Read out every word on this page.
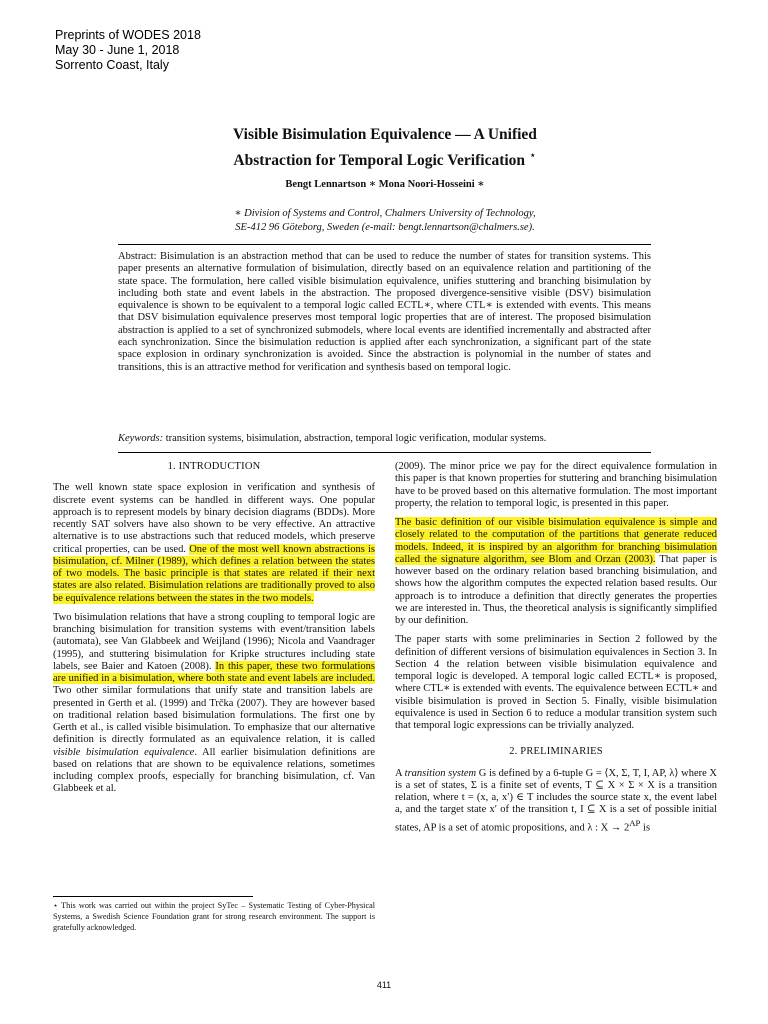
Preprints of WODES 2018
May 30 - June 1, 2018
Sorrento Coast, Italy
Visible Bisimulation Equivalence — A Unified
Abstraction for Temporal Logic Verification ⋆
Bengt Lennartson ∗ Mona Noori-Hosseini ∗
∗ Division of Systems and Control, Chalmers University of Technology,
SE-412 96 Göteborg, Sweden (e-mail: bengt.lennartson@chalmers.se).
Abstract: Bisimulation is an abstraction method that can be used to reduce the number of states for transition systems. This paper presents an alternative formulation of bisimulation, directly based on an equivalence relation and partitioning of the state space. The formulation, here called visible bisimulation equivalence, unifies stuttering and branching bisimulation by including both state and event labels in the abstraction. The proposed divergence-sensitive visible (DSV) bisimulation equivalence is shown to be equivalent to a temporal logic called ECTL∗, where CTL∗ is extended with events. This means that DSV bisimulation equivalence preserves most temporal logic properties that are of interest. The proposed bisimulation abstraction is applied to a set of synchronized submodels, where local events are identified incrementally and abstracted after each synchronization. Since the bisimulation reduction is applied after each synchronization, a significant part of the state space explosion in ordinary synchronization is avoided. Since the abstraction is polynomial in the number of states and transitions, this is an attractive method for verification and synthesis based on temporal logic.
Keywords: transition systems, bisimulation, abstraction, temporal logic verification, modular systems.
1. INTRODUCTION

The well known state space explosion in verification and synthesis of discrete event systems can be handled in different ways. One popular approach is to represent models by binary decision diagrams (BDDs). More recently SAT solvers have also shown to be very effective. An attractive alternative is to use abstractions such that reduced models, which preserve critical properties, can be used. One of the most well known abstractions is bisimulation, cf. Milner (1989), which defines a relation between the states of two models. The basic principle is that states are related if their next states are also related. Bisimulation relations are traditionally proved to also be equivalence relations between the states in the two models.

Two bisimulation relations that have a strong coupling to temporal logic are branching bisimulation for transition systems with event/transition labels (automata), see Van Glabbeek and Weijland (1996); Nicola and Vaandrager (1995), and stuttering bisimulation for Kripke structures including state labels, see Baier and Katoen (2008). In this paper, these two formulations are unified in a bisimulation, where both state and event labels are included. Two other similar formulations that unify state and transition labels are presented in Gerth et al. (1999) and Trčka (2007). They are however based on traditional relation based bisimulation formulations. The first one by Gerth et al., is called visible bisimulation. To emphasize that our alternative definition is directly formulated as an equivalence relation, it is called visible bisimulation equivalence. All earlier bisimulation definitions are based on relations that are shown to be equivalence relations, sometimes including complex proofs, especially for branching bisimulation, cf. Van Glabbeek et al.

(2009). The minor price we pay for the direct equivalence formulation in this paper is that known properties for stuttering and branching bisimulation have to be proved based on this alternative formulation. The most important property, the relation to temporal logic, is presented in this paper.

The basic definition of our visible bisimulation equivalence is simple and closely related to the computation of the partitions that generate reduced models. Indeed, it is inspired by an algorithm for branching bisimulation called the signature algorithm, see Blom and Orzan (2003). That paper is however based on the ordinary relation based branching bisimulation, and shows how the algorithm computes the expected relation based results. Our approach is to introduce a definition that directly generates the properties we are interested in. Thus, the theoretical analysis is significantly simplified by our definition.

The paper starts with some preliminaries in Section 2 followed by the definition of different versions of bisimulation equivalences in Section 3. In Section 4 the relation between visible bisimulation equivalence and temporal logic is developed. A temporal logic called ECTL∗ is proposed, where CTL∗ is extended with events. The equivalence between ECTL∗ and visible bisimulation is proved in Section 5. Finally, visible bisimulation equivalence is used in Section 6 to reduce a modular transition system such that temporal logic expressions can be trivially analyzed.

2. PRELIMINARIES

A transition system G is defined by a 6-tuple G = ⟨X, Σ, T, I, AP, λ⟩ where X is a set of states, Σ is a finite set of events, T ⊆ X × Σ × X is a transition relation, where t = (x, a, x′) ∈ T includes the source state x, the event label a, and the target state x′ of the transition t, I ⊆ X is a set of possible initial states, AP is a set of atomic propositions, and λ : $X \to 2^{AP}$ is

⋆ This work was carried out within the project SyTec – Systematic Testing of Cyber-Physical Systems, a Swedish Science Foundation grant for strong research environment. The support is gratefully acknowledged.
411
